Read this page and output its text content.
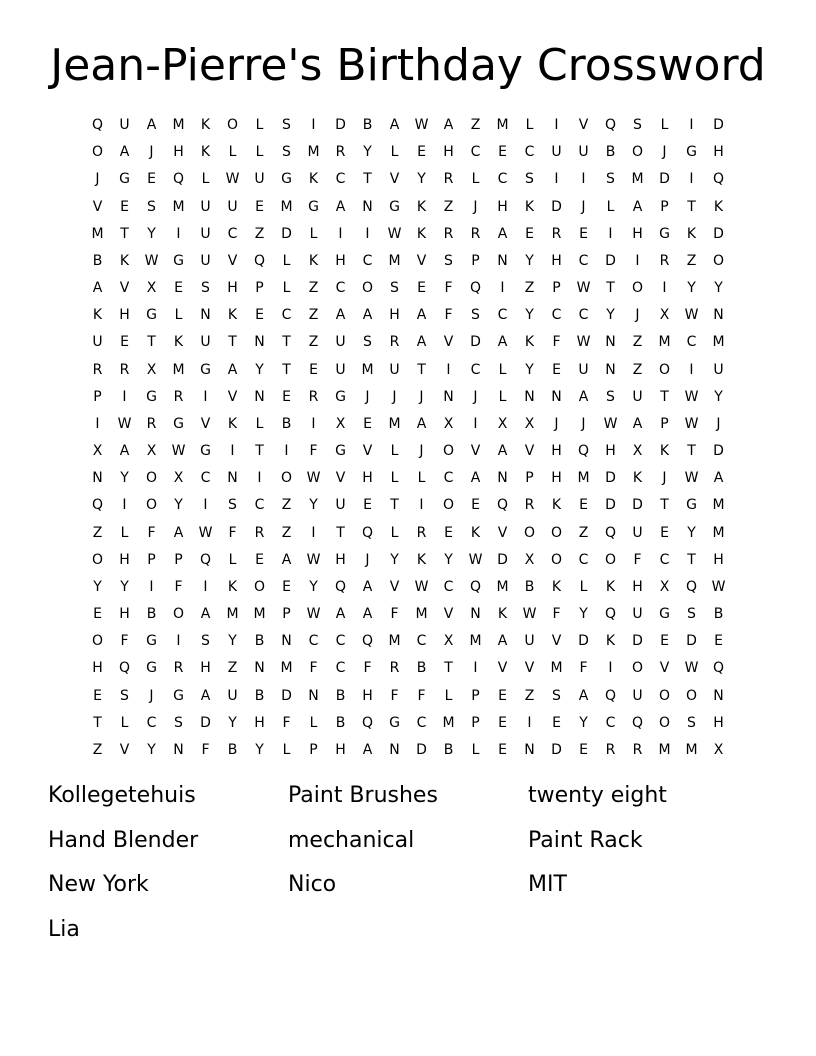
Jean-Pierre's Birthday Crossword
Q	U	A	M	K	O	L	S	I	D	B	A	W	A	Z	M	L	I	V	Q	S	L	I	D
O	A	J	H	K	L	L	S	M	R	Y	L	E	H	C	E	C	U	U	B	O	J	G	H
J	G	E	Q	L	W	U	G	K	C	T	V	Y	R	L	C	S	I	I	S	M	D	I	Q
V	E	S	M	U	U	E	M	G	A	N	G	K	Z	J	H	K	D	J	L	A	P	T	K
M	T	Y	I	U	C	Z	D	L	I	I	W	K	R	R	A	E	R	E	I	H	G	K	D
B	K	W	G	U	V	Q	L	K	H	C	M	V	S	P	N	Y	H	C	D	I	R	Z	O
A	V	X	E	S	H	P	L	Z	C	O	S	E	F	Q	I	Z	P	W	T	O	I	Y	Y
K	H	G	L	N	K	E	C	Z	A	A	H	A	F	S	C	Y	C	C	Y	J	X	W	N
U	E	T	K	U	T	N	T	Z	U	S	R	A	V	D	A	K	F	W	N	Z	M	C	M
R	R	X	M	G	A	Y	T	E	U	M	U	T	I	C	L	Y	E	U	N	Z	O	I	U
P	I	G	R	I	V	N	E	R	G	J	J	J	N	J	L	N	N	A	S	U	T	W	Y
I	W	R	G	V	K	L	B	I	X	E	M	A	X	I	X	X	J	J	W	A	P	W	J
X	A	X	W	G	I	T	I	F	G	V	L	J	O	V	A	V	H	Q	H	X	K	T	D
N	Y	O	X	C	N	I	O	W	V	H	L	L	C	A	N	P	H	M	D	K	J	W	A
Q	I	O	Y	I	S	C	Z	Y	U	E	T	I	O	E	Q	R	K	E	D	D	T	G	M
Z	L	F	A	W	F	R	Z	I	T	Q	L	R	E	K	V	O	O	Z	Q	U	E	Y	M
O	H	P	P	Q	L	E	A	W	H	J	Y	K	Y	W	D	X	O	C	O	F	C	T	H
Y	Y	I	F	I	K	O	E	Y	Q	A	V	W	C	Q	M	B	K	L	K	H	X	Q	W
E	H	B	O	A	M	M	P	W	A	A	F	M	V	N	K	W	F	Y	Q	U	G	S	B
O	F	G	I	S	Y	B	N	C	C	Q	M	C	X	M	A	U	V	D	K	D	E	D	E
H	Q	G	R	H	Z	N	M	F	C	F	R	B	T	I	V	V	M	F	I	O	V	W	Q
E	S	J	G	A	U	B	D	N	B	H	F	F	L	P	E	Z	S	A	Q	U	O	O	N
T	L	C	S	D	Y	H	F	L	B	Q	G	C	M	P	E	I	E	Y	C	Q	O	S	H
Z	V	Y	N	F	B	Y	L	P	H	A	N	D	B	L	E	N	D	E	R	R	M	M	X
Kollegetehuis	Paint Brushes	twenty eight
Hand Blender	mechanical	Paint Rack
New York	Nico	MIT
Lia
